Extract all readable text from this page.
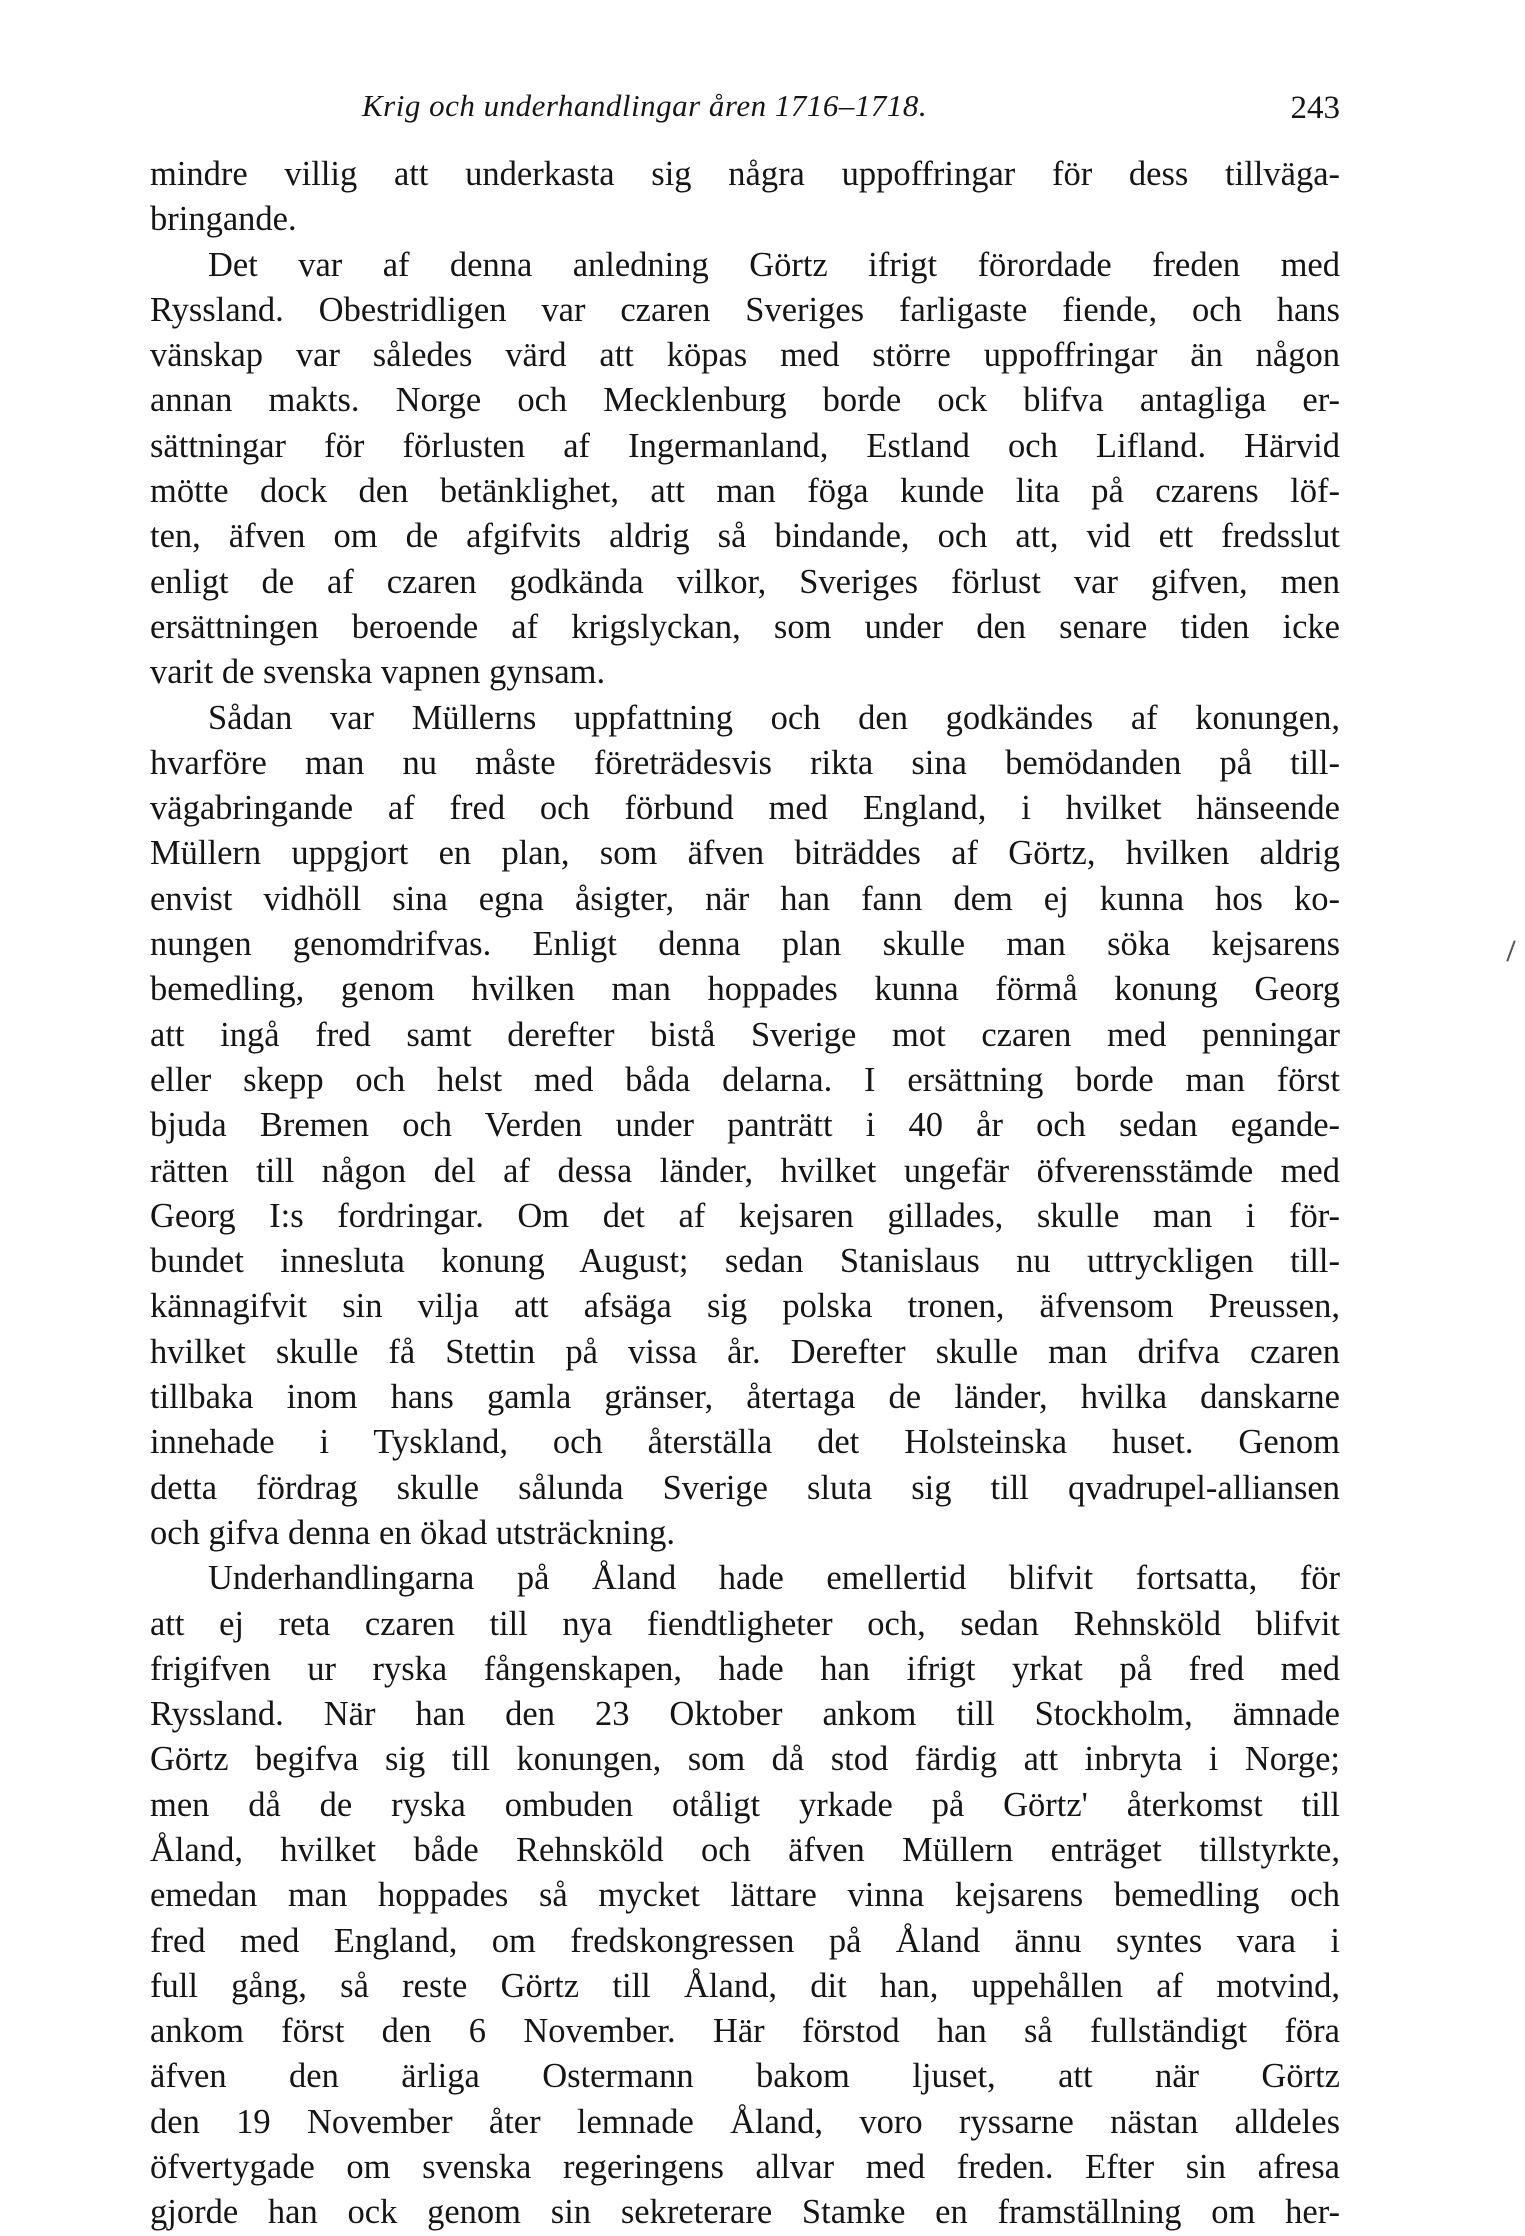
Krig och underhandlingar åren 1716–1718.	243
mindre villig att underkasta sig några uppoffringar för dess tillväga-
bringande.
Det var af denna anledning Görtz ifrigt förordade freden med
Ryssland. Obestridligen var czaren Sveriges farligaste fiende, och hans
vänskap var således värd att köpas med större uppoffringar än någon
annan makts. Norge och Mecklenburg borde ock blifva antagliga er-
sättningar för förlusten af Ingermanland, Estland och Lifland. Härvid
mötte dock den betänklighet, att man föga kunde lita på czarens löf-
ten, äfven om de afgifvits aldrig så bindande, och att, vid ett fredsslut
enligt de af czaren godkända vilkor, Sveriges förlust var gifven, men
ersättningen beroende af krigslyckan, som under den senare tiden icke
varit de svenska vapnen gynsam.
Sådan var Müllerns uppfattning och den godkändes af konungen,
hvarföre man nu måste företrädesvis rikta sina bemödanden på till-
vägabringande af fred och förbund med England, i hvilket hänseende
Müllern uppgjort en plan, som äfven biträddes af Görtz, hvilken aldrig
envist vidhöll sina egna åsigter, när han fann dem ej kunna hos ko-
nungen genomdrifvas. Enligt denna plan skulle man söka kejsarens
bemedling, genom hvilken man hoppades kunna förmå konung Georg
att ingå fred samt derefter bistå Sverige mot czaren med penningar
eller skepp och helst med båda delarna. I ersättning borde man först
bjuda Bremen och Verden under panträtt i 40 år och sedan egande-
rätten till någon del af dessa länder, hvilket ungefär öfverensstämde med
Georg I:s fordringar. Om det af kejsaren gillades, skulle man i för-
bundet innesluta konung August; sedan Stanislaus nu uttryckligen till-
kännagifvit sin vilja att afsäga sig polska tronen, äfvensom Preussen,
hvilket skulle få Stettin på vissa år. Derefter skulle man drifva czaren
tillbaka inom hans gamla gränser, återtaga de länder, hvilka danskarne
innehade i Tyskland, och återställa det Holsteinska huset. Genom
detta fördrag skulle sålunda Sverige sluta sig till qvadrupel-alliansen
och gifva denna en ökad utsträckning.
Underhandlingarna på Åland hade emellertid blifvit fortsatta, för
att ej reta czaren till nya fiendtligheter och, sedan Rehnsköld blifvit
frigifven ur ryska fångenskapen, hade han ifrigt yrkat på fred med
Ryssland. När han den 23 Oktober ankom till Stockholm, ämnade
Görtz begifva sig till konungen, som då stod färdig att inbryta i Norge;
men då de ryska ombuden otåligt yrkade på Görtz' återkomst till
Åland, hvilket både Rehnsköld och äfven Müllern enträget tillstyrkte,
emedan man hoppades så mycket lättare vinna kejsarens bemedling och
fred med England, om fredskongressen på Åland ännu syntes vara i
full gång, så reste Görtz till Åland, dit han, uppehållen af motvind,
ankom först den 6 November. Här förstod han så fullständigt föra
äfven den ärliga Ostermann bakom ljuset, att när Görtz
den 19 November åter lemnade Åland, voro ryssarne nästan alldeles
öfvertygade om svenska regeringens allvar med freden. Efter sin afresa
gjorde han ock genom sin sekreterare Stamke en framställning om her-
